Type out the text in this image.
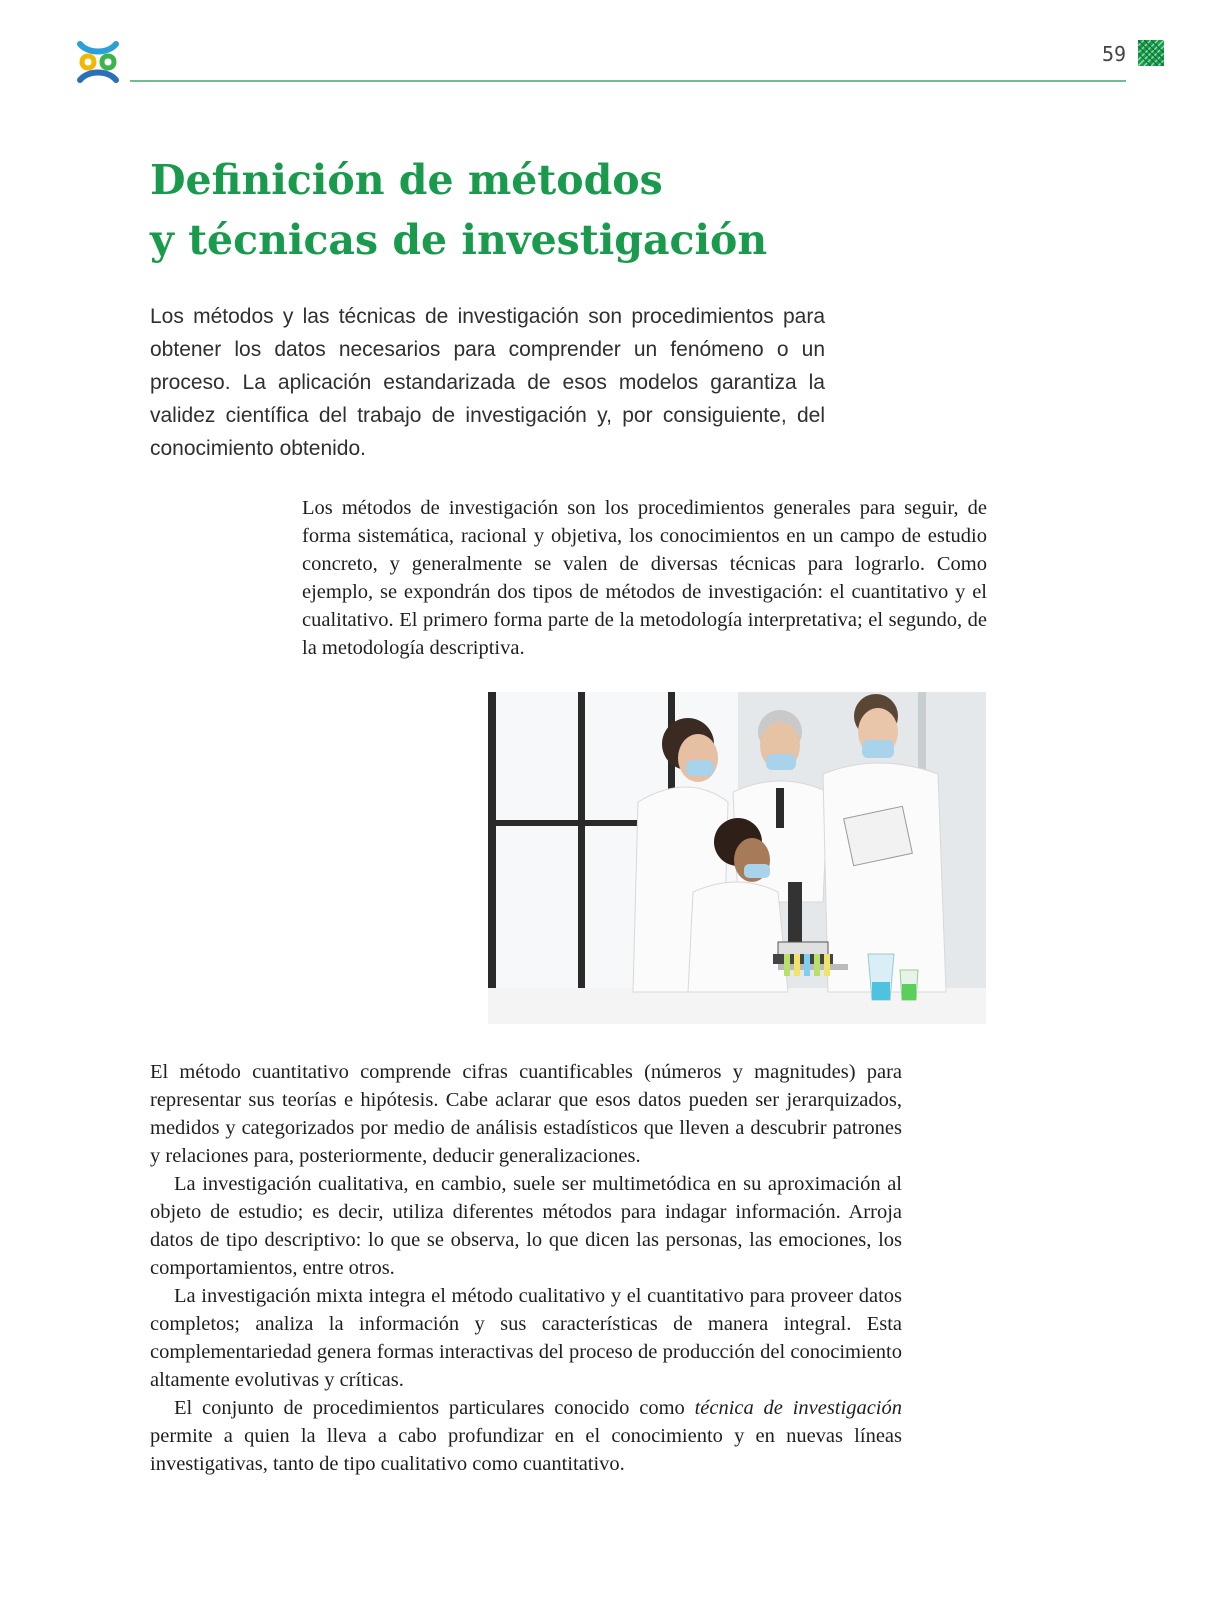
59
Definición de métodos
y técnicas de investigación

Los métodos y las técnicas de investigación son procedimientos para obtener los datos necesarios para comprender un fenómeno o un proceso. La aplicación estandarizada de esos modelos garantiza la validez científica del trabajo de investigación y, por consiguiente, del conocimiento obtenido.

Los métodos de investigación son los procedimientos generales para seguir, de forma sistemática, racional y objetiva, los conocimientos en un campo de estudio concreto, y generalmente se valen de diversas técnicas para lograrlo. Como ejemplo, se expondrán dos tipos de métodos de investigación: el cuantitativo y el cualitativo. El primero forma parte de la metodología interpretativa; el segundo, de la metodología descriptiva.

El método cuantitativo comprende cifras cuantificables (números y magnitudes) para representar sus teorías e hipótesis. Cabe aclarar que esos datos pueden ser jerarquizados, medidos y categorizados por medio de análisis estadísticos que lleven a descubrir patrones y relaciones para, posteriormente, deducir generalizaciones.

La investigación cualitativa, en cambio, suele ser multimetódica en su aproximación al objeto de estudio; es decir, utiliza diferentes métodos para indagar información. Arroja datos de tipo descriptivo: lo que se observa, lo que dicen las personas, las emociones, los comportamientos, entre otros.

La investigación mixta integra el método cualitativo y el cuantitativo para proveer datos completos; analiza la información y sus características de manera integral. Esta complementariedad genera formas interactivas del proceso de producción del conocimiento altamente evolutivas y críticas.

El conjunto de procedimientos particulares conocido como técnica de investigación permite a quien la lleva a cabo profundizar en el conocimiento y en nuevas líneas investigativas, tanto de tipo cualitativo como cuantitativo.
